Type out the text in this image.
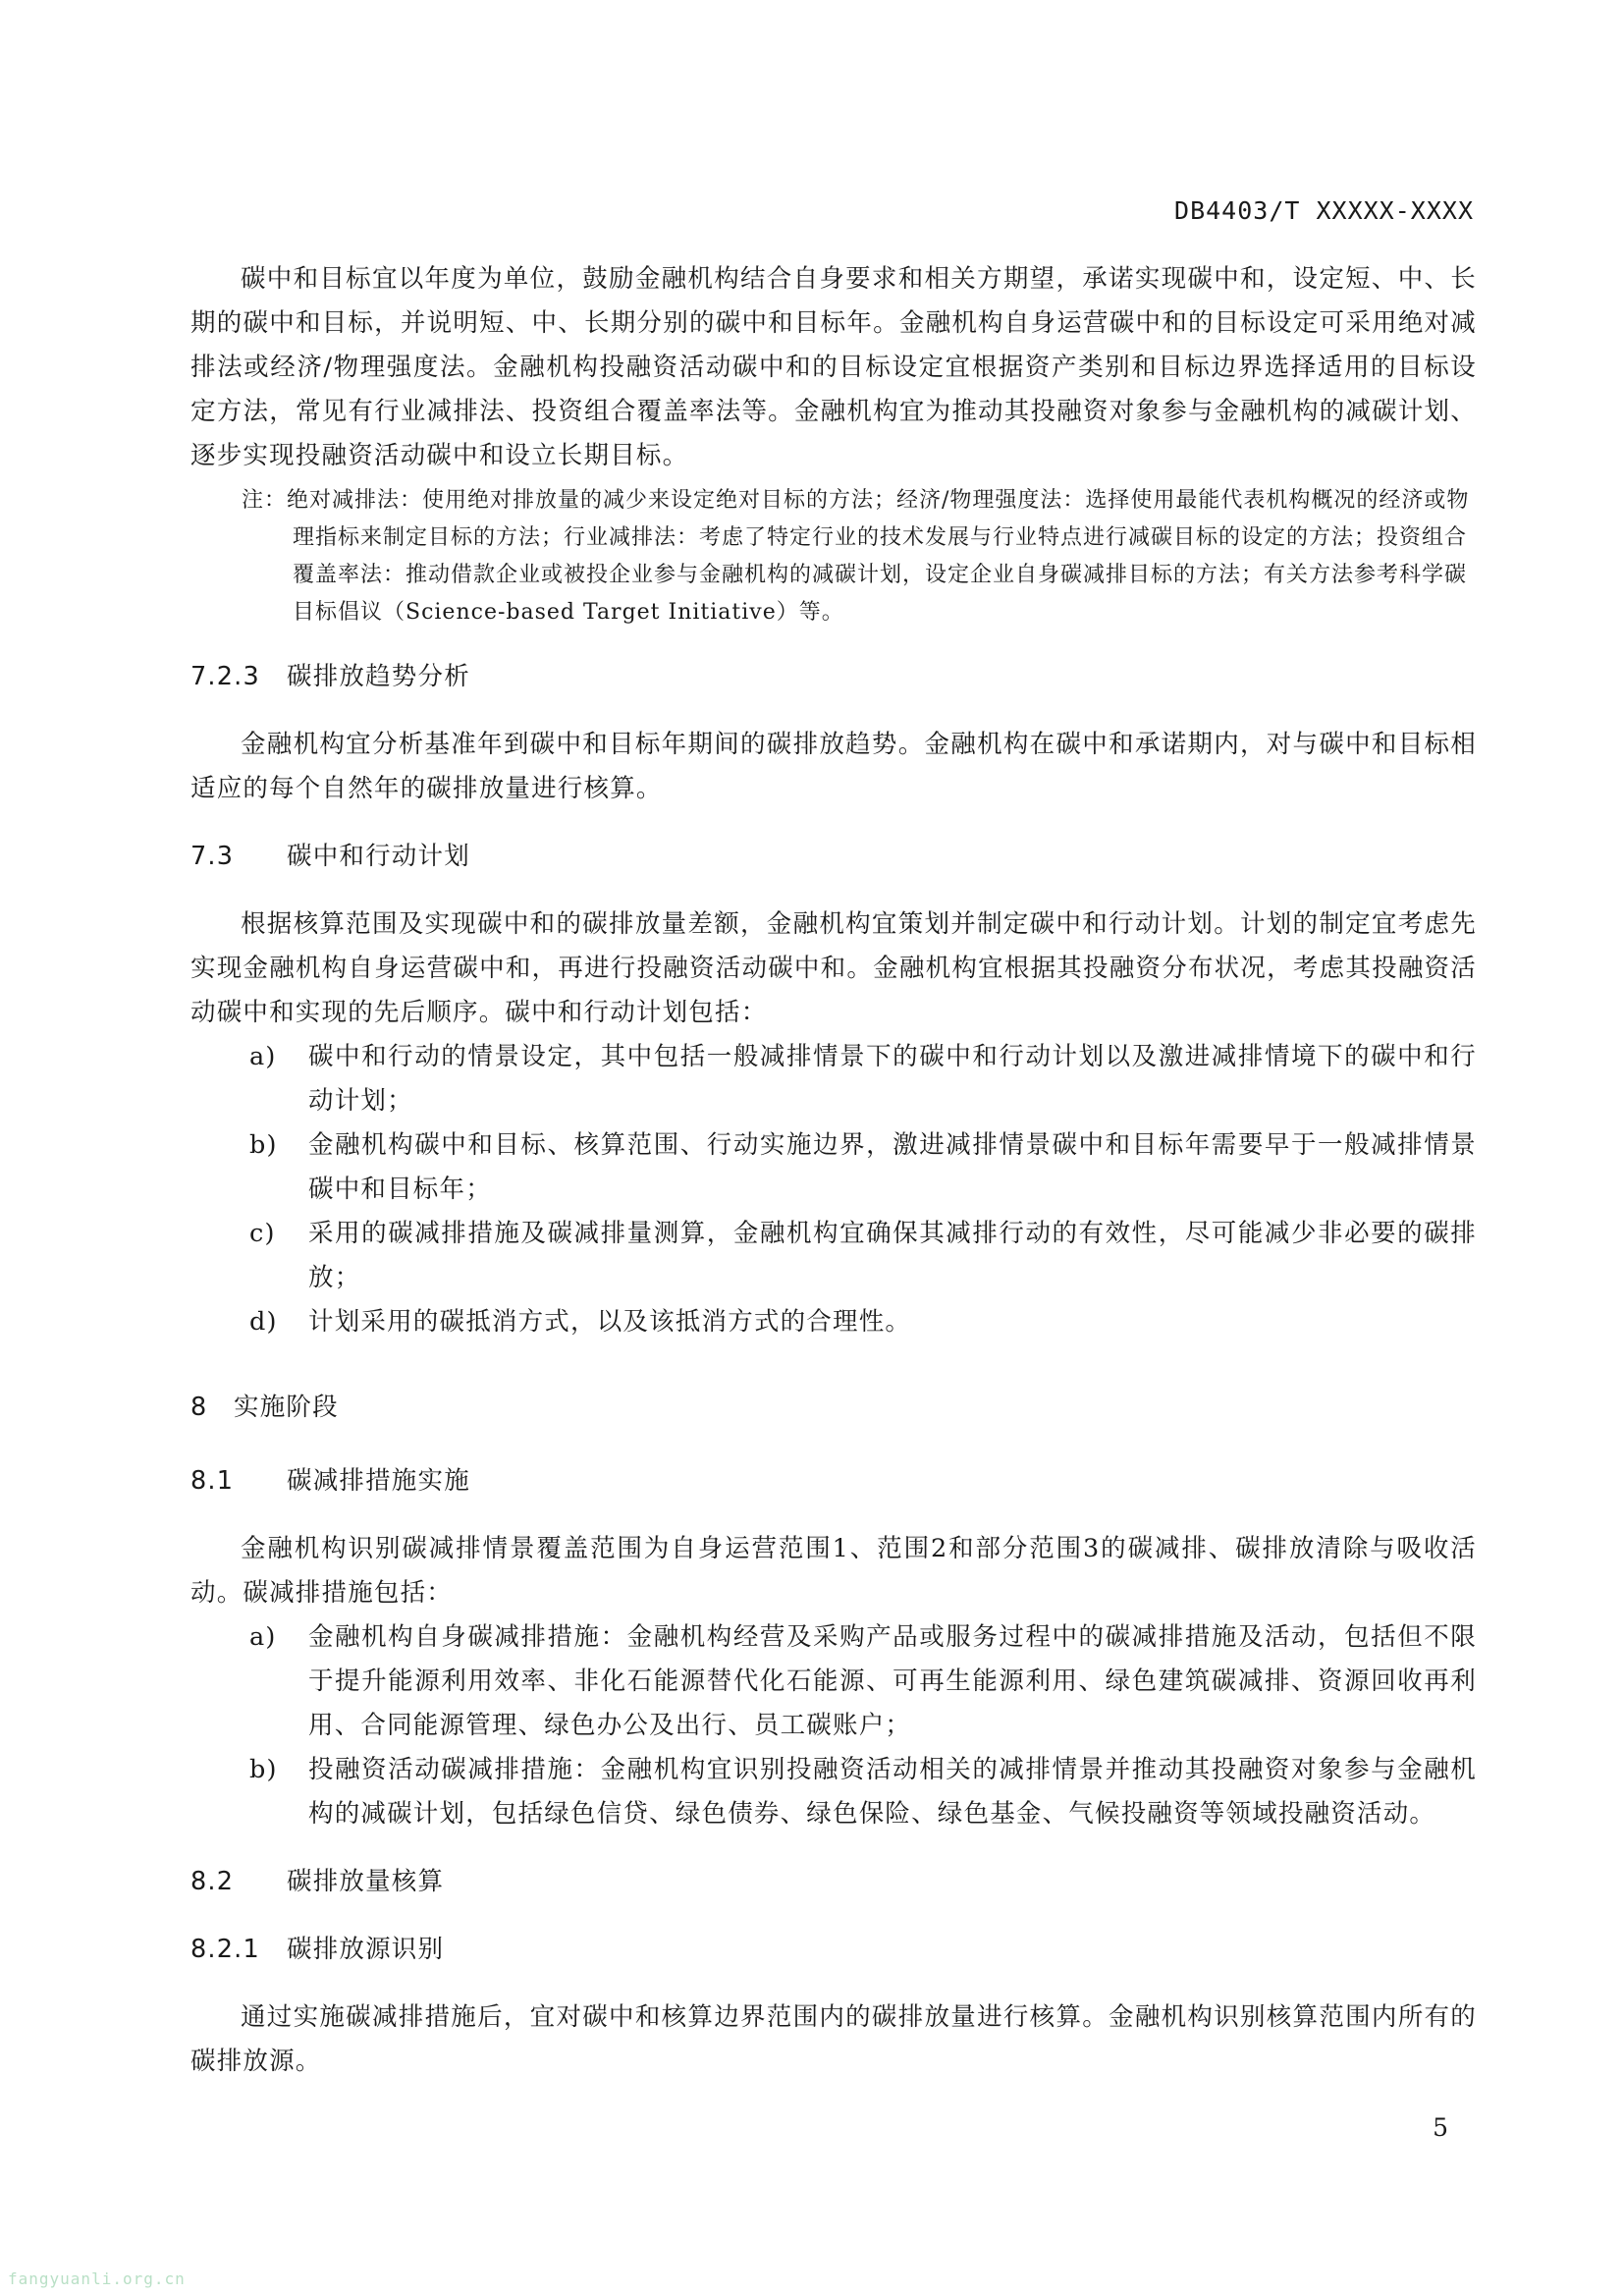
DB4403/T XXXXX-XXXX

碳中和目标宜以年度为单位，鼓励金融机构结合自身要求和相关方期望，承诺实现碳中和，设定短、中、长期的碳中和目标，并说明短、中、长期分别的碳中和目标年。金融机构自身运营碳中和的目标设定可采用绝对减排法或经济/物理强度法。金融机构投融资活动碳中和的目标设定宜根据资产类别和目标边界选择适用的目标设定方法，常见有行业减排法、投资组合覆盖率法等。金融机构宜为推动其投融资对象参与金融机构的减碳计划、逐步实现投融资活动碳中和设立长期目标。

注：绝对减排法：使用绝对排放量的减少来设定绝对目标的方法；经济/物理强度法：选择使用最能代表机构概况的经济或物理指标来制定目标的方法；行业减排法：考虑了特定行业的技术发展与行业特点进行减碳目标的设定的方法；投资组合覆盖率法：推动借款企业或被投企业参与金融机构的减碳计划，设定企业自身碳减排目标的方法；有关方法参考科学碳目标倡议（Science-based Target Initiative）等。

7.2.3 碳排放趋势分析

金融机构宜分析基准年到碳中和目标年期间的碳排放趋势。金融机构在碳中和承诺期内，对与碳中和目标相适应的每个自然年的碳排放量进行核算。

7.3 碳中和行动计划

根据核算范围及实现碳中和的碳排放量差额，金融机构宜策划并制定碳中和行动计划。计划的制定宜考虑先实现金融机构自身运营碳中和，再进行投融资活动碳中和。金融机构宜根据其投融资分布状况，考虑其投融资活动碳中和实现的先后顺序。碳中和行动计划包括：

a)	碳中和行动的情景设定，其中包括一般减排情景下的碳中和行动计划以及激进减排情境下的碳中和行动计划；
b)	金融机构碳中和目标、核算范围、行动实施边界，激进减排情景碳中和目标年需要早于一般减排情景碳中和目标年；
c)	采用的碳减排措施及碳减排量测算，金融机构宜确保其减排行动的有效性，尽可能减少非必要的碳排放；
d)	计划采用的碳抵消方式，以及该抵消方式的合理性。

8 实施阶段

8.1 碳减排措施实施

金融机构识别碳减排情景覆盖范围为自身运营范围1、范围2和部分范围3的碳减排、碳排放清除与吸收活动。碳减排措施包括：

a)	金融机构自身碳减排措施：金融机构经营及采购产品或服务过程中的碳减排措施及活动，包括但不限于提升能源利用效率、非化石能源替代化石能源、可再生能源利用、绿色建筑碳减排、资源回收再利用、合同能源管理、绿色办公及出行、员工碳账户；
b)	投融资活动碳减排措施：金融机构宜识别投融资活动相关的减排情景并推动其投融资对象参与金融机构的减碳计划，包括绿色信贷、绿色债券、绿色保险、绿色基金、气候投融资等领域投融资活动。

8.2 碳排放量核算

8.2.1 碳排放源识别

通过实施碳减排措施后，宜对碳中和核算边界范围内的碳排放量进行核算。金融机构识别核算范围内所有的碳排放源。

5
fangyuanli.org.cn
